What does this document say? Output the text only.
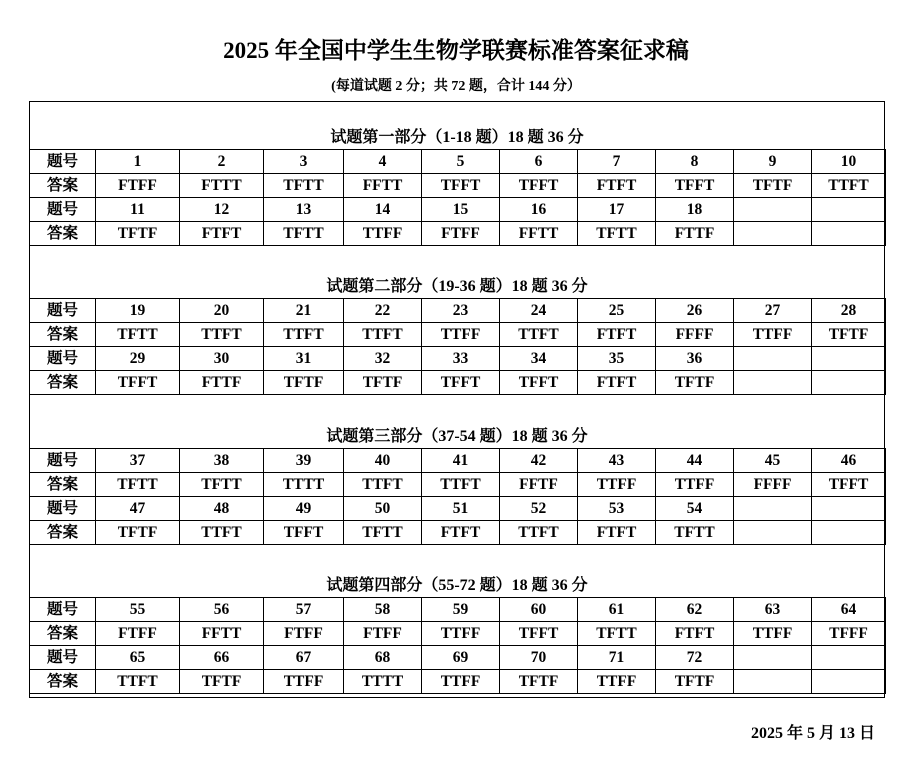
2025 年全国中学生生物学联赛标准答案征求稿
(每道试题 2 分；共 72 题，合计 144 分）
试题第一部分（1-18 题）18 题 36 分
题号	1	2	3	4	5	6	7	8	9	10
答案	FTFF	FTTT	TFTT	FFTT	TFFT	TFFT	FTFT	TFFT	TFTF	TTFT
题号	11	12	13	14	15	16	17	18		
答案	TFTF	FTFT	TFTT	TTFF	FTFF	FFTT	TFTT	FTTF		
试题第二部分（19-36 题）18 题 36 分
题号	19	20	21	22	23	24	25	26	27	28
答案	TFTT	TTFT	TTFT	TTFT	TTFF	TTFT	FTFT	FFFF	TTFF	TFTF
题号	29	30	31	32	33	34	35	36		
答案	TFFT	FTTF	TFTF	TFTF	TFFT	TFFT	FTFT	TFTF		
试题第三部分（37-54 题）18 题 36 分
题号	37	38	39	40	41	42	43	44	45	46
答案	TFTT	TFTT	TTTT	TTFT	TTFT	FFTF	TTFF	TTFF	FFFF	TFFT
题号	47	48	49	50	51	52	53	54		
答案	TFTF	TTFT	TFFT	TFTT	FTFT	TTFT	FTFT	TFTT		
试题第四部分（55-72 题）18 题 36 分
题号	55	56	57	58	59	60	61	62	63	64
答案	FTFF	FFTT	FTFF	FTFF	TTFF	TFFT	TFTT	FTFT	TTFF	TFFF
题号	65	66	67	68	69	70	71	72		
答案	TTFT	TFTF	TTFF	TTTT	TTFF	TFTF	TTFF	TFTF		
2025 年 5 月 13 日
